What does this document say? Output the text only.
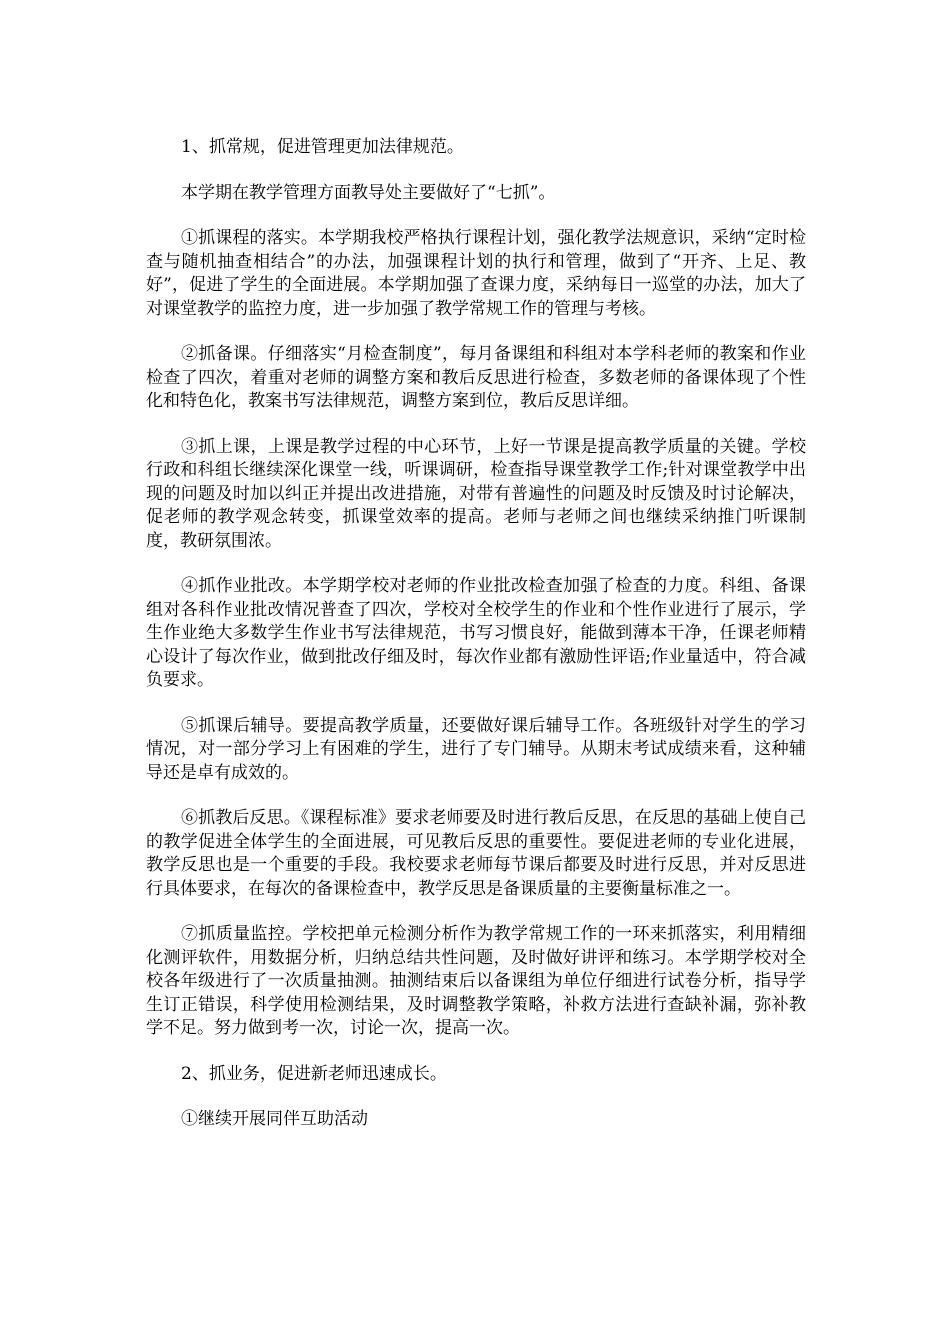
1、抓常规，促进管理更加法律规范。

本学期在教学管理方面教导处主要做好了“七抓”。

①抓课程的落实。本学期我校严格执行课程计划，强化教学法规意识，采纳“定时检查与随机抽查相结合”的办法，加强课程计划的执行和管理，做到了“开齐、上足、教好”，促进了学生的全面进展。本学期加强了查课力度，采纳每日一巡堂的办法，加大了对课堂教学的监控力度，进一步加强了教学常规工作的管理与考核。

②抓备课。仔细落实“月检查制度”，每月备课组和科组对本学科老师的教案和作业检查了四次，着重对老师的调整方案和教后反思进行检查，多数老师的备课体现了个性化和特色化，教案书写法律规范，调整方案到位，教后反思详细。

③抓上课，上课是教学过程的中心环节，上好一节课是提高教学质量的关键。学校行政和科组长继续深化课堂一线，听课调研，检查指导课堂教学工作;针对课堂教学中出现的问题及时加以纠正并提出改进措施，对带有普遍性的问题及时反馈及时讨论解决，促老师的教学观念转变，抓课堂效率的提高。老师与老师之间也继续采纳推门听课制度，教研氛围浓。

④抓作业批改。本学期学校对老师的作业批改检查加强了检查的力度。科组、备课组对各科作业批改情况普查了四次，学校对全校学生的作业和个性作业进行了展示，学生作业绝大多数学生作业书写法律规范，书写习惯良好，能做到薄本干净，任课老师精心设计了每次作业，做到批改仔细及时，每次作业都有激励性评语;作业量适中，符合减负要求。

⑤抓课后辅导。要提高教学质量，还要做好课后辅导工作。各班级针对学生的学习情况，对一部分学习上有困难的学生，进行了专门辅导。从期末考试成绩来看，这种辅导还是卓有成效的。

⑥抓教后反思。《课程标准》要求老师要及时进行教后反思，在反思的基础上使自己的教学促进全体学生的全面进展，可见教后反思的重要性。要促进老师的专业化进展，教学反思也是一个重要的手段。我校要求老师每节课后都要及时进行反思，并对反思进行具体要求，在每次的备课检查中，教学反思是备课质量的主要衡量标准之一。

⑦抓质量监控。学校把单元检测分析作为教学常规工作的一环来抓落实，利用精细化测评软件，用数据分析，归纳总结共性问题，及时做好讲评和练习。本学期学校对全校各年级进行了一次质量抽测。抽测结束后以备课组为单位仔细进行试卷分析，指导学生订正错误，科学使用检测结果，及时调整教学策略，补救方法进行查缺补漏，弥补教学不足。努力做到考一次，讨论一次，提高一次。

2、抓业务，促进新老师迅速成长。

①继续开展同伴互助活动
